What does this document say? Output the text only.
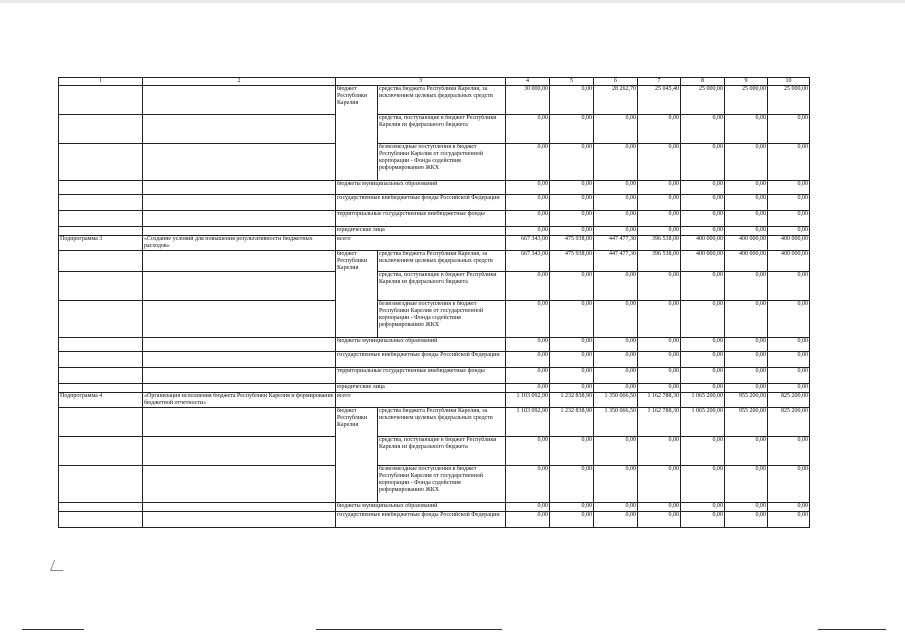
1	2	3		4	5	6	7	8	9	10
		бюджет Республики Карелия	средства бюджета Республики Карелия, за исключением целевых федеральных средств	30 000,00	0,00	28 262,70	25 045,40	25 000,00	25 000,00	25 000,00
			средства, поступающие в бюджет Республики Карелия из федерального бюджета	0,00	0,00	0,00	0,00	0,00	0,00	0,00
			безвозмездные поступления в бюджет Республики Карелия от государственной корпорации - Фонда содействия реформированию ЖКХ	0,00	0,00	0,00	0,00	0,00	0,00	0,00
		бюджеты муниципальных образований		0,00	0,00	0,00	0,00	0,00	0,00	0,00
		государственные внебюджетные фонды Российской Федерации		0,00	0,00	0,00	0,00	0,00	0,00	0,00
		территориальные государственные внебюджетные фонды		0,00	0,00	0,00	0,00	0,00	0,00	0,00
		юридические лица		0,00	0,00	0,00	0,00	0,00	0,00	0,00
Подпрограмма 3	«Создание условий для повышения результативности бюджетных расходов»	всего		667 343,00	475 938,00	447 477,30	396 538,00	400 000,00	400 000,00	400 000,00
		бюджет Республики Карелия	средства бюджета Республики Карелия, за исключением целевых федеральных средств	667 343,00	475 938,00	447 477,30	396 538,00	400 000,00	400 000,00	400 000,00
			средства, поступающие в бюджет Республики Карелия из федерального бюджета	0,00	0,00	0,00	0,00	0,00	0,00	0,00
			безвозмездные поступления в бюджет Республики Карелия от государственной корпорации - Фонда содействия реформированию ЖКХ	0,00	0,00	0,00	0,00	0,00	0,00	0,00
		бюджеты муниципальных образований		0,00	0,00	0,00	0,00	0,00	0,00	0,00
		государственные внебюджетные фонды Российской Федерации		0,00	0,00	0,00	0,00	0,00	0,00	0,00
		территориальные государственные внебюджетные фонды		0,00	0,00	0,00	0,00	0,00	0,00	0,00
		юридические лица		0,00	0,00	0,00	0,00	0,00	0,00	0,00
Подпрограмма 4	«Организация исполнения бюджета Республики Карелия и формирование бюджетной отчетности»	всего		1 103 092,90	1 232 838,90	1 350 066,50	1 162 788,30	1 065 200,00	955 200,00	825 200,00
		бюджет Республики Карелия	средства бюджета Республики Карелия, за исключением целевых федеральных средств	1 103 092,90	1 232 838,90	1 350 066,50	1 162 788,30	1 065 200,00	955 200,00	825 200,00
			средства, поступающие в бюджет Республики Карелия из федерального бюджета	0,00	0,00	0,00	0,00	0,00	0,00	0,00
			безвозмездные поступления в бюджет Республики Карелия от государственной корпорации - Фонда содействия реформированию ЖКХ	0,00	0,00	0,00	0,00	0,00	0,00	0,00
		бюджеты муниципальных образований		0,00	0,00	0,00	0,00	0,00	0,00	0,00
		государственные внебюджетные фонды Российской Федерации		0,00	0,00	0,00	0,00	0,00	0,00	0,00
